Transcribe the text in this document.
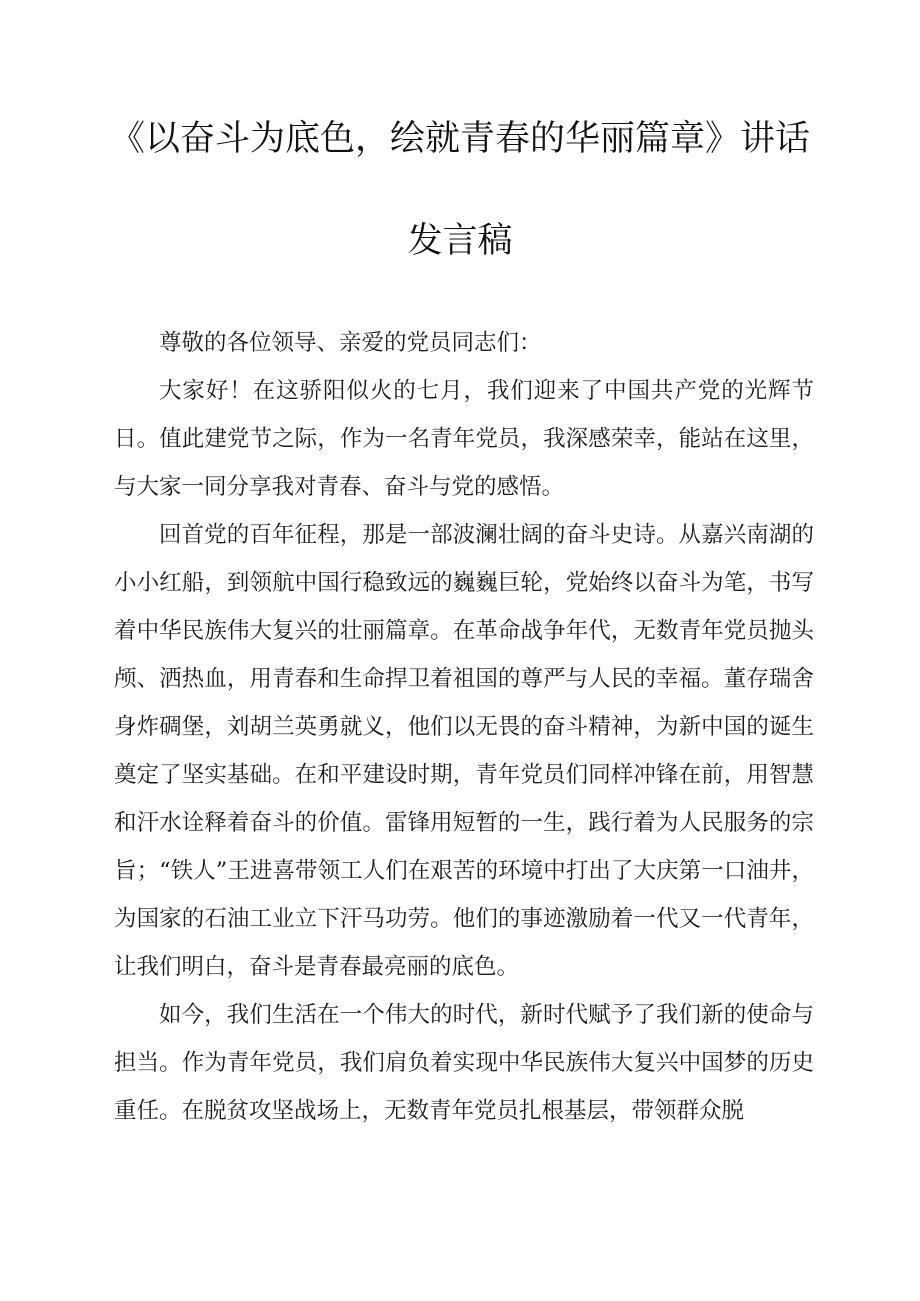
《以奋斗为底色，绘就青春的华丽篇章》讲话
发言稿

尊敬的各位领导、亲爱的党员同志们：

大家好！在这骄阳似火的七月，我们迎来了中国共产党的光辉节日。值此建党节之际，作为一名青年党员，我深感荣幸，能站在这里，与大家一同分享我对青春、奋斗与党的感悟。

回首党的百年征程，那是一部波澜壮阔的奋斗史诗。从嘉兴南湖的小小红船，到领航中国行稳致远的巍巍巨轮，党始终以奋斗为笔，书写着中华民族伟大复兴的壮丽篇章。在革命战争年代，无数青年党员抛头颅、洒热血，用青春和生命捍卫着祖国的尊严与人民的幸福。董存瑞舍身炸碉堡，刘胡兰英勇就义，他们以无畏的奋斗精神，为新中国的诞生奠定了坚实基础。在和平建设时期，青年党员们同样冲锋在前，用智慧和汗水诠释着奋斗的价值。雷锋用短暂的一生，践行着为人民服务的宗旨；“铁人”王进喜带领工人们在艰苦的环境中打出了大庆第一口油井，为国家的石油工业立下汗马功劳。他们的事迹激励着一代又一代青年，让我们明白，奋斗是青春最亮丽的底色。

如今，我们生活在一个伟大的时代，新时代赋予了我们新的使命与担当。作为青年党员，我们肩负着实现中华民族伟大复兴中国梦的历史重任。在脱贫攻坚战场上，无数青年党员扎根基层，带领群众脱
